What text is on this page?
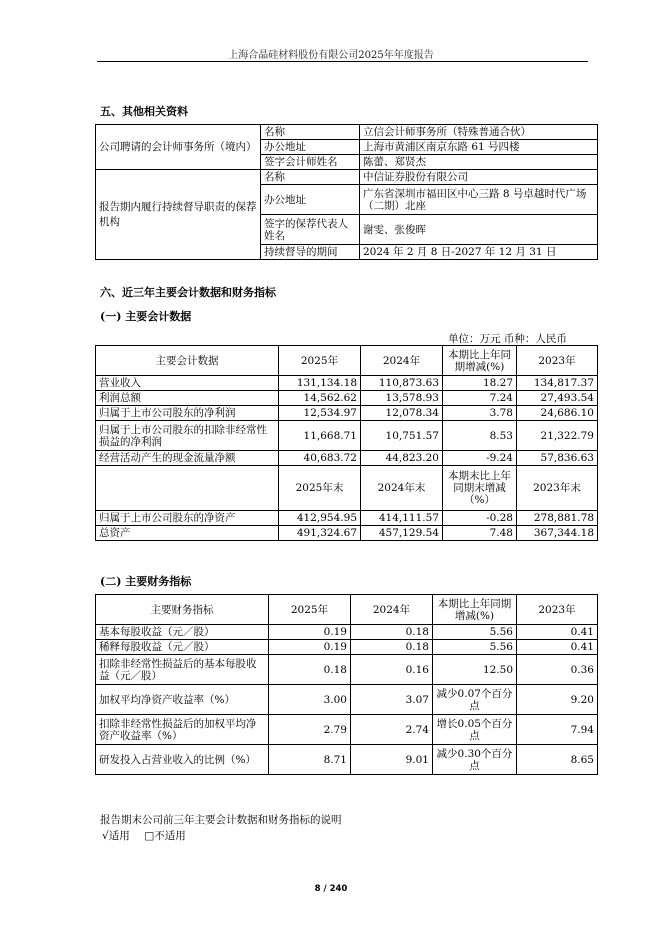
上海合晶硅材料股份有限公司2025年年度报告
五、其他相关资料
公司聘请的会计师事务所（境内）	名称	立信会计师事务所（特殊普通合伙）
	办公地址	上海市黄浦区南京东路 61 号四楼
	签字会计师姓名	陈蕾、郑贤杰
报告期内履行持续督导职责的保荐机构	名称	中信证券股份有限公司
	办公地址	广东省深圳市福田区中心三路 8 号卓越时代广场（二期）北座
	签字的保荐代表人姓名	谢雯、张俊晖
	持续督导的期间	2024 年 2 月 8 日-2027 年 12 月 31 日
六、近三年主要会计数据和财务指标
(一) 主要会计数据
单位：万元 币种：人民币
主要会计数据	2025年	2024年	本期比上年同期增减(%)	2023年
营业收入	131,134.18	110,873.63	18.27	134,817.37
利润总额	14,562.62	13,578.93	7.24	27,493.54
归属于上市公司股东的净利润	12,534.97	12,078.34	3.78	24,686.10
归属于上市公司股东的扣除非经常性损益的净利润	11,668.71	10,751.57	8.53	21,322.79
经营活动产生的现金流量净额	40,683.72	44,823.20	-9.24	57,836.63
	2025年末	2024年末	本期末比上年同期末增减（%）	2023年末
归属于上市公司股东的净资产	412,954.95	414,111.57	-0.28	278,881.78
总资产	491,324.67	457,129.54	7.48	367,344.18
(二) 主要财务指标
主要财务指标	2025年	2024年	本期比上年同期增减(%)	2023年
基本每股收益（元／股）	0.19	0.18	5.56	0.41
稀释每股收益（元／股）	0.19	0.18	5.56	0.41
扣除非经常性损益后的基本每股收益（元／股）	0.18	0.16	12.50	0.36
加权平均净资产收益率（%）	3.00	3.07	减少0.07个百分点	9.20
扣除非经常性损益后的加权平均净资产收益率（%）	2.79	2.74	增长0.05个百分点	7.94
研发投入占营业收入的比例（%）	8.71	9.01	减少0.30个百分点	8.65
报告期末公司前三年主要会计数据和财务指标的说明
√适用 □不适用
8 / 240
